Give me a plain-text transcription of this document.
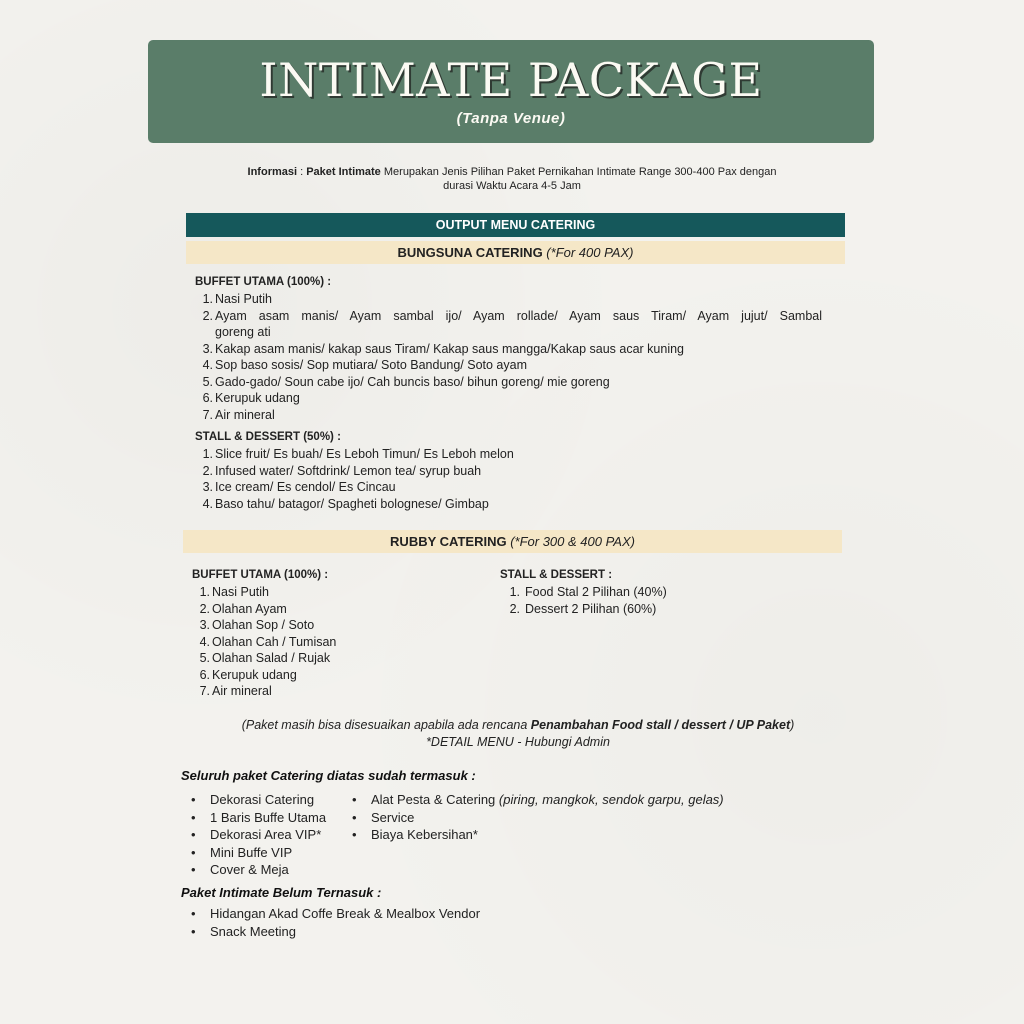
INTIMATE PACKAGE
(Tanpa Venue)
Informasi : Paket Intimate Merupakan Jenis Pilihan Paket Pernikahan Intimate Range 300-400 Pax dengan
durasi Waktu Acara 4-5 Jam
OUTPUT MENU CATERING
BUNGSUNA CATERING (*For 400 PAX)
BUFFET UTAMA (100%) :
1. Nasi Putih
2. Ayam asam manis/ Ayam sambal ijo/ Ayam rollade/ Ayam saus Tiram/ Ayam jujut/ Sambal
goreng ati
3. Kakap asam manis/ kakap saus Tiram/ Kakap saus mangga/Kakap saus acar kuning
4. Sop baso sosis/ Sop mutiara/ Soto Bandung/ Soto ayam
5. Gado-gado/ Soun cabe ijo/ Cah buncis baso/ bihun goreng/ mie goreng
6. Kerupuk udang
7. Air mineral
STALL & DESSERT (50%) :
1. Slice fruit/ Es buah/ Es Leboh Timun/ Es Leboh melon
2. Infused water/ Softdrink/ Lemon tea/ syrup buah
3. Ice cream/ Es cendol/ Es Cincau
4. Baso tahu/ batagor/ Spagheti bolognese/ Gimbap
RUBBY CATERING (*For 300 & 400 PAX)
BUFFET UTAMA (100%) :
1. Nasi Putih
2. Olahan Ayam
3. Olahan Sop / Soto
4. Olahan Cah / Tumisan
5. Olahan Salad / Rujak
6. Kerupuk udang
7. Air mineral
STALL & DESSERT :
1. Food Stal 2 Pilihan (40%)
2. Dessert 2 Pilihan (60%)
(Paket masih bisa disesuaikan apabila ada rencana Penambahan Food stall / dessert / UP Paket)
*DETAIL MENU - Hubungi Admin
Seluruh paket Catering diatas sudah termasuk :
•	Dekorasi Catering
•	1 Baris Buffe Utama
•	Dekorasi Area VIP*
•	Mini Buffe VIP
•	Cover & Meja
•	Alat Pesta & Catering (piring, mangkok, sendok garpu, gelas)
•	Service
•	Biaya Kebersihan*
Paket Intimate Belum Ternasuk :
•	Hidangan Akad Coffe Break & Mealbox Vendor
•	Snack Meeting
